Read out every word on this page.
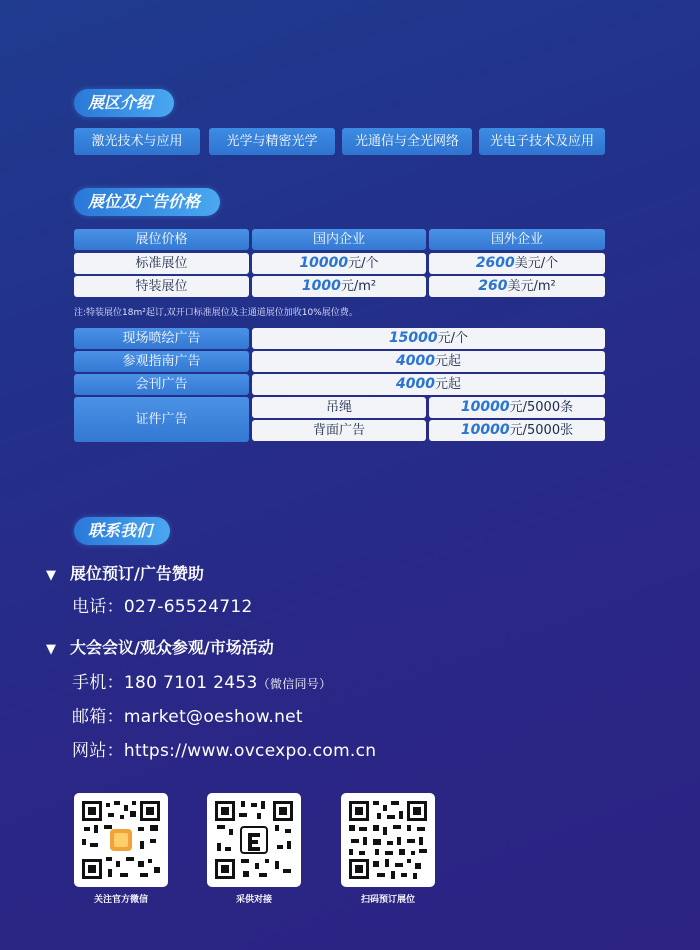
展区介绍
激光技术与应用	光学与精密光学	光通信与全光网络	光电子技术及应用
展位及广告价格
展位价格	国内企业	国外企业
标准展位	10000元/个	2600美元/个
特装展位	1000元/m²	260美元/m²
注:特装展位18m²起订,双开口标准展位及主通道展位加收10%展位费。
现场喷绘广告	15000元/个
参观指南广告	4000元起
会刊广告	4000元起
证件广告
吊绳	10000元/5000条
背面广告	10000元/5000张
联系我们
▼ 展位预订/广告赞助
电话：027-65524712
▼ 大会会议/观众参观/市场活动
手机：180 7101 2453（微信同号）
邮箱：market@oeshow.net
网站：https://www.ovcexpo.com.cn
关注官方微信	采供对接	扫码预订展位
